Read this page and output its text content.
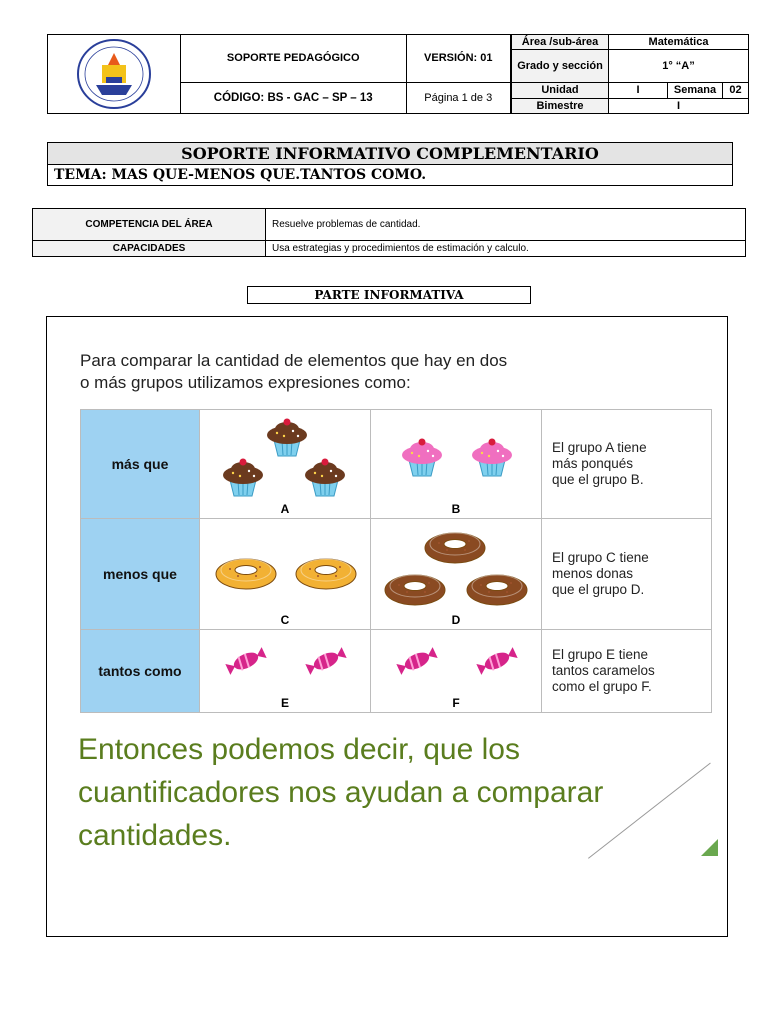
	SOPORTE PEDAGÓGICO	VERSIÓN: 01
	CÓDIGO: BS - GAC – SP – 13	Página 1 de 3
Área /sub-área	Matemática		
Grado y sección	1° “A”		
Unidad	I	Semana	02
Bimestre	I		
SOPORTE INFORMATIVO COMPLEMENTARIO
TEMA: MAS QUE-MENOS QUE.TANTOS COMO.
COMPETENCIA DEL ÁREA	Resuelve problemas de cantidad.
CAPACIDADES	Usa estrategias y procedimientos de estimación y calculo.
PARTE INFORMATIVA
Para comparar la cantidad de elementos que hay en dos
o más grupos utilizamos expresiones como:
más que	A	B	El grupo A tiene
más ponqués
que el grupo B.

menos que	C	D	El grupo C tiene
menos donas
que el grupo D.

tantos como	E	F	El grupo E tiene
tantos caramelos
como el grupo F.
Entonces podemos decir, que los cuantificadores nos ayudan a comparar cantidades.
